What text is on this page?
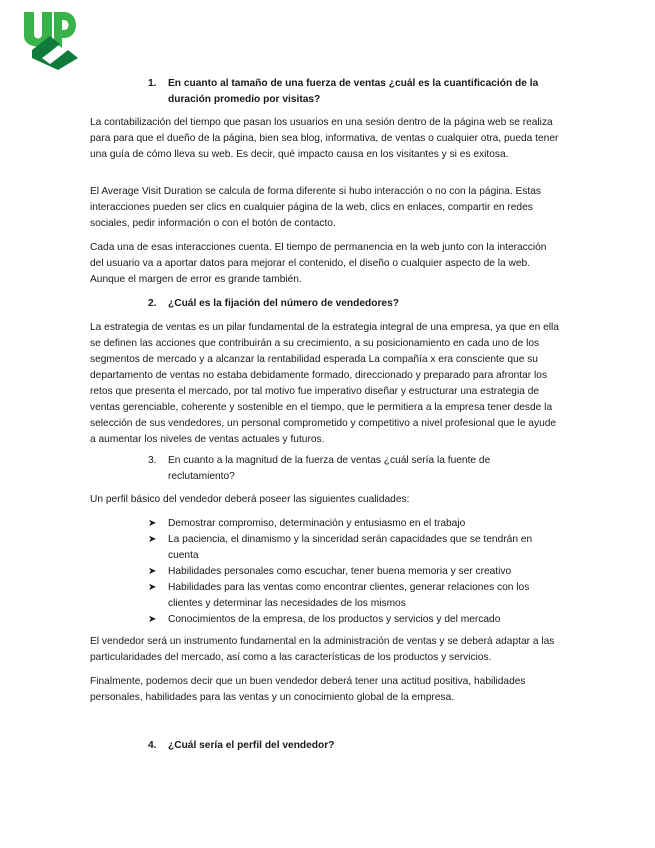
1. En cuanto al tamaño de una fuerza de ventas ¿cuál es la cuantificación de la duración promedio por visitas?

La contabilización del tiempo que pasan los usuarios en una sesión dentro de la página web se realiza para para que el dueño de la página, bien sea blog, informativa, de ventas o cualquier otra, pueda tener una guía de cómo lleva su web. Es decir, qué impacto causa en los visitantes y si es exitosa.

El Average Visit Duration se calcula de forma diferente si hubo interacción o no con la página. Estas interacciones pueden ser clics en cualquier página de la web, clics en enlaces, compartir en redes sociales, pedir información o con el botón de contacto.

Cada una de esas interacciones cuenta. El tiempo de permanencia en la web junto con la interacción del usuario va a aportar datos para mejorar el contenido, el diseño o cualquier aspecto de la web. Aunque el margen de error es grande también.

2. ¿Cuál es la fijación del número de vendedores?

La estrategia de ventas es un pilar fundamental de la estrategia integral de una empresa, ya que en ella se definen las acciones que contribuirán a su crecimiento, a su posicionamiento en cada uno de los segmentos de mercado y a alcanzar la rentabilidad esperada La compañía x era consciente que su departamento de ventas no estaba debidamente formado, direccionado y preparado para afrontar los retos que presenta el mercado, por tal motivo fue imperativo diseñar y estructurar una estrategia de ventas gerenciable, coherente y sostenible en el tiempo, que le permitiera a la empresa tener desde la selección de sus vendedores, un personal comprometido y competitivo a nivel profesional que le ayude a aumentar los niveles de ventas actuales y futuros.

3. En cuanto a la magnitud de la fuerza de ventas ¿cuál sería la fuente de reclutamiento?

Un perfil básico del vendedor deberá poseer las siguientes cualidades:

➤ Demostrar compromiso, determinación y entusiasmo en el trabajo
➤ La paciencia, el dinamismo y la sinceridad serán capacidades que se tendrán en cuenta
➤ Habilidades personales como escuchar, tener buena memoria y ser creativo
➤ Habilidades para las ventas como encontrar clientes, generar relaciones con los clientes y determinar las necesidades de los mismos
➤ Conocimientos de la empresa, de los productos y servicios y del mercado

El vendedor será un instrumento fundamental en la administración de ventas y se deberá adaptar a las particularidades del mercado, así como a las características de los productos y servicios.

Finalmente, podemos decir que un buen vendedor deberá tener una actitud positiva, habilidades personales, habilidades para las ventas y un conocimiento global de la empresa.

4. ¿Cuál sería el perfil del vendedor?
